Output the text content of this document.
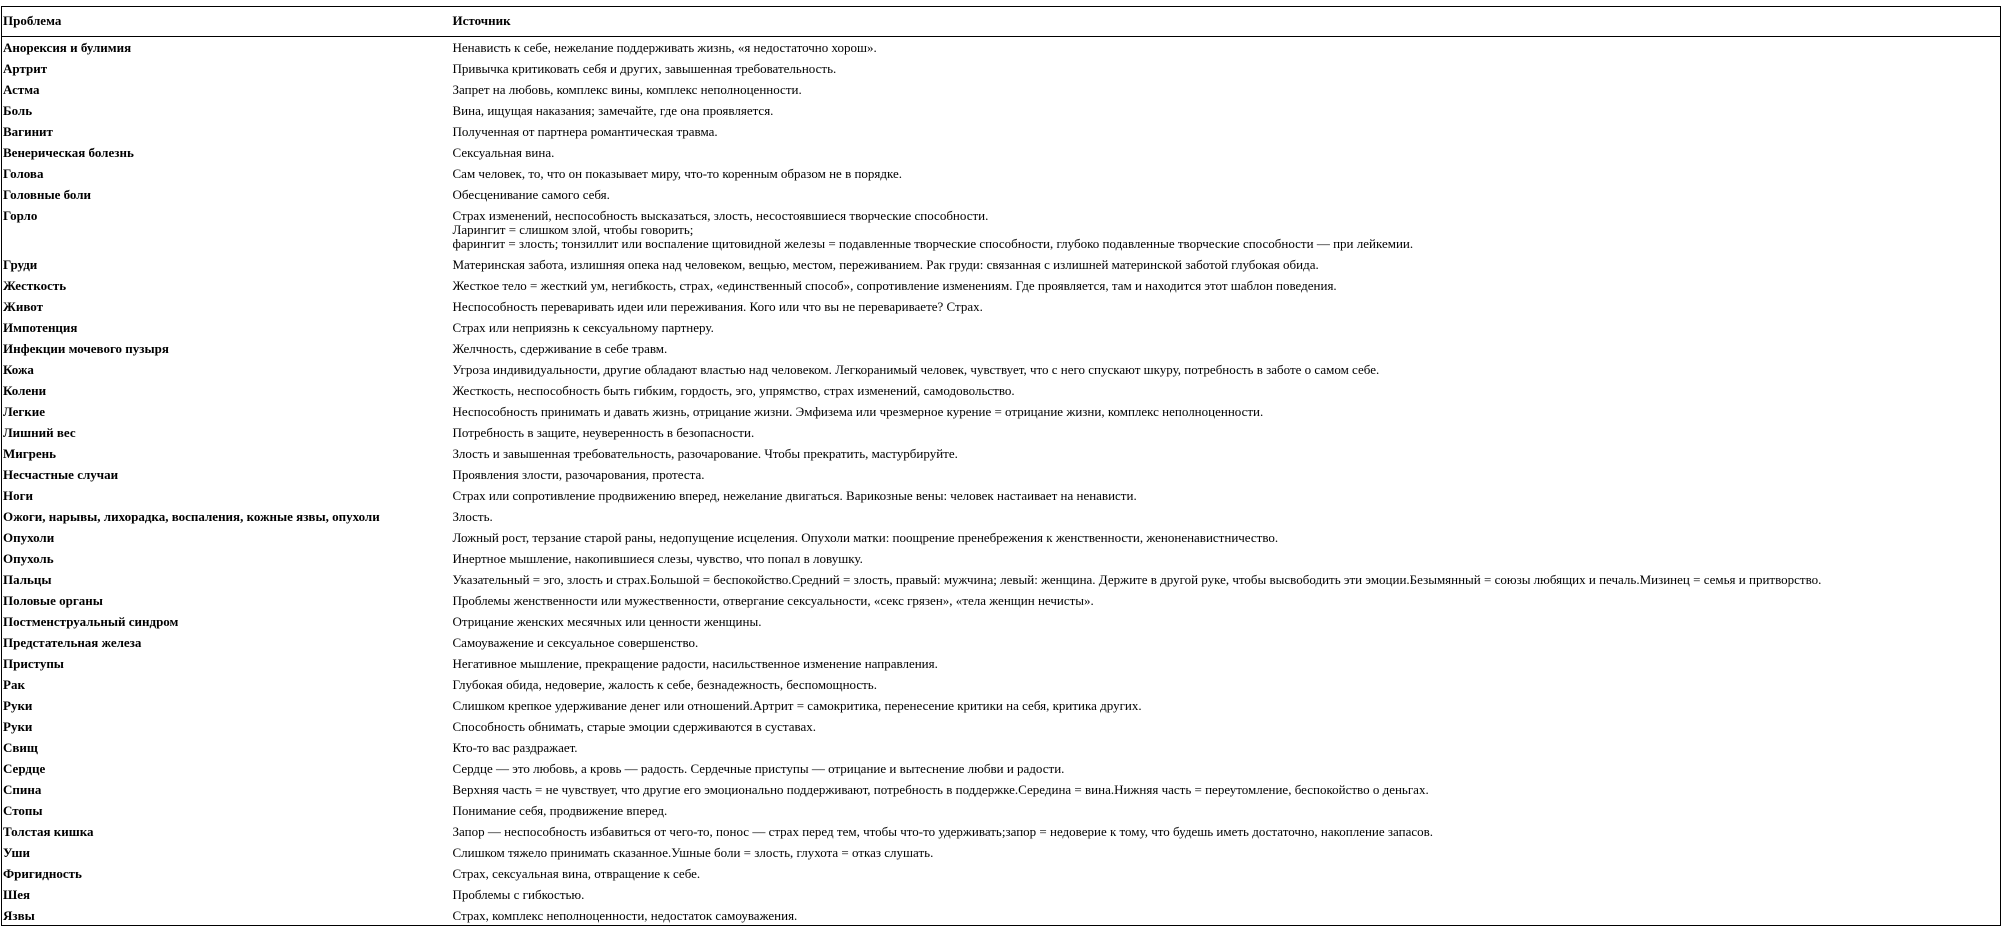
Проблема	Источник
Анорексия и булимия	Ненависть к себе, нежелание поддерживать жизнь, «я недостаточно хорош».

Артрит	Привычка критиковать себя и других, завышенная требовательность.

Астма	Запрет на любовь, комплекс вины, комплекс неполноценности.

Боль	Вина, ищущая наказания; замечайте, где она проявляется.

Вагинит	Полученная от партнера романтическая травма.

Венерическая болезнь	Сексуальная вина.

Голова	Сам человек, то, что он показывает миру, что-то коренным образом не в порядке.

Головные боли	Обесценивание самого себя.

Горло	Страх изменений, неспособность высказаться, злость, несостоявшиеся творческие способности.
Ларингит = слишком злой, чтобы говорить;
фарингит = злость; тонзиллит или воспаление щитовидной железы = подавленные творческие способности, глубоко подавленные творческие способности — при лейкемии.

Груди	Материнская забота, излишняя опека над человеком, вещью, местом, переживанием. Рак груди: связанная с излишней материнской заботой глубокая обида.

Жесткость	Жесткое тело = жесткий ум, негибкость, страх, «единственный способ», сопротивление изменениям. Где проявляется, там и находится этот шаблон поведения.

Живот	Неспособность переваривать идеи или переживания. Кого или что вы не перевариваете? Страх.

Импотенция	Страх или неприязнь к сексуальному партнеру.

Инфекции мочевого пузыря	Желчность, сдерживание в себе травм.

Кожа	Угроза индивидуальности, другие обладают властью над человеком. Легкоранимый человек, чувствует, что с него спускают шкуру, потребность в заботе о самом себе.

Колени	Жесткость, неспособность быть гибким, гордость, эго, упрямство, страх изменений, самодовольство.

Легкие	Неспособность принимать и давать жизнь, отрицание жизни. Эмфизема или чрезмерное курение = отрицание жизни, комплекс неполноценности.

Лишний вес	Потребность в защите, неуверенность в безопасности.

Мигрень	Злость и завышенная требовательность, разочарование. Чтобы прекратить, мастурбируйте.

Несчастные случаи	Проявления злости, разочарования, протеста.

Ноги	Страх или сопротивление продвижению вперед, нежелание двигаться. Варикозные вены: человек настаивает на ненависти.

Ожоги, нарывы, лихорадка, воспаления, кожные язвы, опухоли	Злость.

Опухоли	Ложный рост, терзание старой раны, недопущение исцеления. Опухоли матки: поощрение пренебрежения к женственности, женоненавистничество.

Опухоль	Инертное мышление, накопившиеся слезы, чувство, что попал в ловушку.

Пальцы	Указательный = эго, злость и страх.Большой = беспокойство.Средний = злость, правый: мужчина; левый: женщина. Держите в другой руке, чтобы высвободить эти эмоции.Безымянный = союзы любящих и печаль.Мизинец = семья и притворство.

Половые органы	Проблемы женственности или мужественности, отвергание сексуальности, «секс грязен», «тела женщин нечисты».

Постменструальный синдром	Отрицание женских месячных или ценности женщины.

Предстательная железа	Самоуважение и сексуальное совершенство.

Приступы	Негативное мышление, прекращение радости, насильственное изменение направления.

Рак	Глубокая обида, недоверие, жалость к себе, безнадежность, беспомощность.

Руки	Слишком крепкое удерживание денег или отношений.Артрит = самокритика, перенесение критики на себя, критика других.

Руки	Способность обнимать, старые эмоции сдерживаются в суставах.

Свищ	Кто-то вас раздражает.

Сердце	Сердце — это любовь, а кровь — радость. Сердечные приступы — отрицание и вытеснение любви и радости.

Спина	Верхняя часть = не чувствует, что другие его эмоционально поддерживают, потребность в поддержке.Середина = вина.Нижняя часть = переутомление, беспокойство о деньгах.

Стопы	Понимание себя, продвижение вперед.

Толстая кишка	Запор — неспособность избавиться от чего-то, понос — страх перед тем, чтобы что-то удерживать;запор = недоверие к тому, что будешь иметь достаточно, накопление запасов.

Уши	Слишком тяжело принимать сказанное.Ушные боли = злость, глухота = отказ слушать.

Фригидность	Страх, сексуальная вина, отвращение к себе.

Шея	Проблемы с гибкостью.

Язвы	Страх, комплекс неполноценности, недостаток самоуважения.
